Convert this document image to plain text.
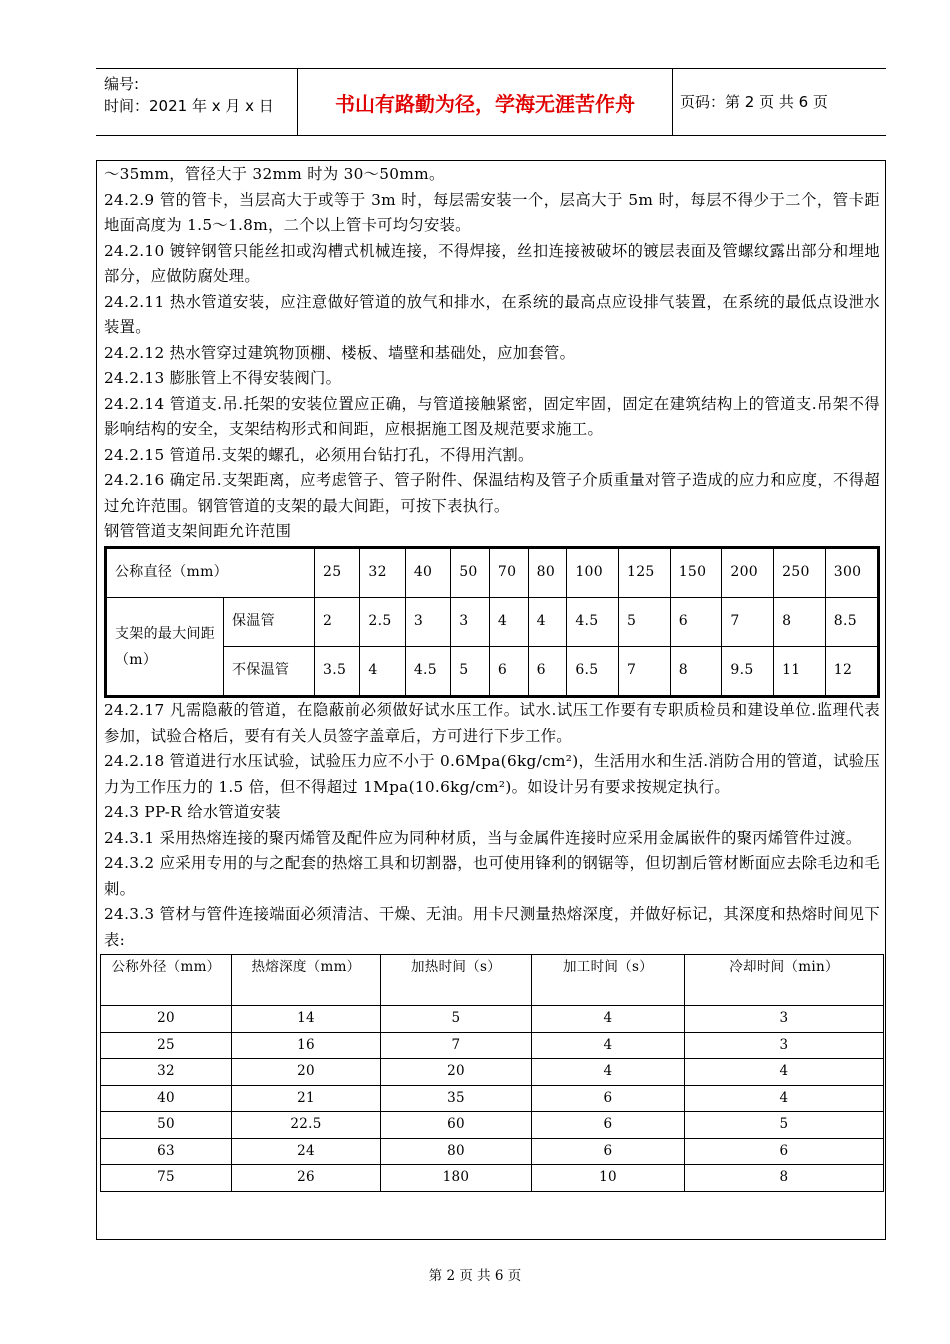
编号:
时间：2021 年 x 月 x 日	书山有路勤为径，学海无涯苦作舟	页码：第 2 页 共 6 页

～35mm，管径大于 32mm 时为 30～50mm。

24.2.9 管的管卡，当层高大于或等于 3m 时，每层需安装一个，层高大于 5m 时，每层不得少于二个，管卡距地面高度为 1.5～1.8m，二个以上管卡可均匀安装。

24.2.10 镀锌钢管只能丝扣或沟槽式机械连接，不得焊接，丝扣连接被破坏的镀层表面及管螺纹露出部分和埋地部分，应做防腐处理。

24.2.11 热水管道安装，应注意做好管道的放气和排水，在系统的最高点应设排气装置，在系统的最低点设泄水装置。

24.2.12 热水管穿过建筑物顶棚、楼板、墙壁和基础处，应加套管。

24.2.13 膨胀管上不得安装阀门。

24.2.14 管道支.吊.托架的安装位置应正确，与管道接触紧密，固定牢固，固定在建筑结构上的管道支.吊架不得影响结构的安全，支架结构形式和间距，应根据施工图及规范要求施工。

24.2.15 管道吊.支架的螺孔，必须用台钻打孔，不得用汽割。

24.2.16 确定吊.支架距离，应考虑管子、管子附件、保温结构及管子介质重量对管子造成的应力和应度，不得超过允许范围。钢管管道的支架的最大间距，可按下表执行。

钢管管道支架间距允许范围

公称直径（mm）		25	32	40	50	70	80	100	125	150	200	250	300
支架的最大间距（m）	保温管	2	2.5	3	3	4	4	4.5	5	6	7	8	8.5
	不保温管	3.5	4	4.5	5	6	6	6.5	7	8	9.5	11	12

24.2.17 凡需隐蔽的管道，在隐蔽前必须做好试水压工作。试水.试压工作要有专职质检员和建设单位.监理代表参加，试验合格后，要有有关人员签字盖章后，方可进行下步工作。

24.2.18 管道进行水压试验，试验压力应不小于 0.6Mpa(6kg/cm²)，生活用水和生活.消防合用的管道，试验压力为工作压力的 1.5 倍，但不得超过 1Mpa(10.6kg/cm²)。如设计另有要求按规定执行。

24.3 PP-R 给水管道安装

24.3.1 采用热熔连接的聚丙烯管及配件应为同种材质，当与金属件连接时应采用金属嵌件的聚丙烯管件过渡。

24.3.2 应采用专用的与之配套的热熔工具和切割器，也可使用锋利的钢锯等，但切割后管材断面应去除毛边和毛刺。

24.3.3 管材与管件连接端面必须清洁、干燥、无油。用卡尺测量热熔深度，并做好标记，其深度和热熔时间见下表:

公称外径（mm）	热熔深度（mm）	加热时间（s）	加工时间（s）	冷却时间（min）
20	14	5	4	3
25	16	7	4	3
32	20	20	4	4
40	21	35	6	4
50	22.5	60	6	5
63	24	80	6	6
75	26	180	10	8
第 2 页 共 6 页
